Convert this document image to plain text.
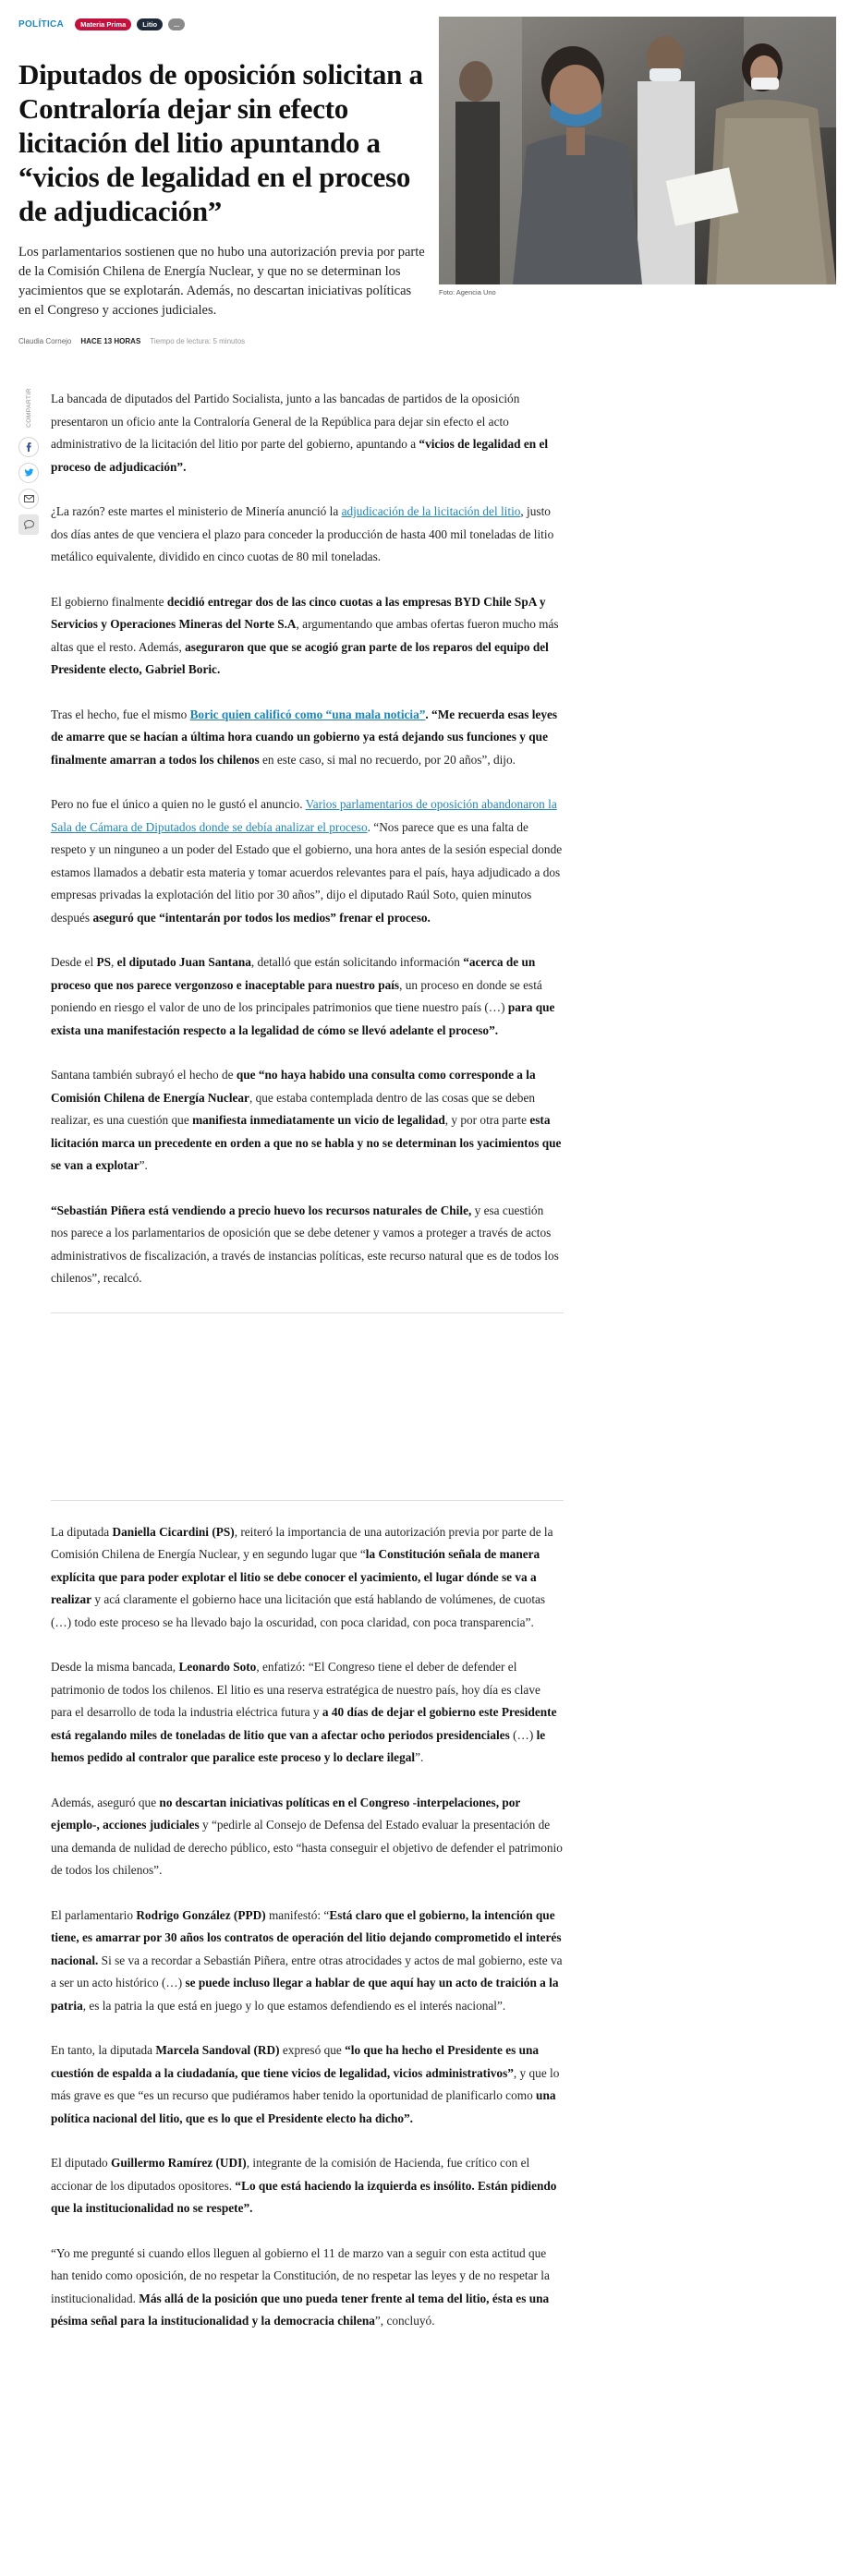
POLÍTICA	Materia Prima	Litio	...
Diputados de oposición solicitan a Contraloría dejar sin efecto licitación del litio apuntando a “vicios de legalidad en el proceso de adjudicación”

Los parlamentarios sostienen que no hubo una autorización previa por parte de la Comisión Chilena de Energía Nuclear, y que no se determinan los yacimientos que se explotarán. Además, no descartan iniciativas políticas en el Congreso y acciones judiciales.

Claudia Cornejo HACE 13 HORAS Tiempo de lectura: 5 minutos
Foto: Agencia Uno
COMPARTIR La bancada de diputados del Partido Socialista, junto a las bancadas de partidos de la oposición presentaron un oficio ante la Contraloría General de la República para dejar sin efecto el acto administrativo de la licitación del litio por parte del gobierno, apuntando a “vicios de legalidad en el proceso de adjudicación”.

¿La razón? este martes el ministerio de Minería anunció la adjudicación de la licitación del litio, justo dos días antes de que venciera el plazo para conceder la producción de hasta 400 mil toneladas de litio metálico equivalente, dividido en cinco cuotas de 80 mil toneladas.

El gobierno finalmente decidió entregar dos de las cinco cuotas a las empresas BYD Chile SpA y Servicios y Operaciones Mineras del Norte S.A, argumentando que ambas ofertas fueron mucho más altas que el resto. Además, aseguraron que que se acogió gran parte de los reparos del equipo del Presidente electo, Gabriel Boric.

Tras el hecho, fue el mismo Boric quien calificó como “una mala noticia”. “Me recuerda esas leyes de amarre que se hacían a última hora cuando un gobierno ya está dejando sus funciones y que finalmente amarran a todos los chilenos en este caso, si mal no recuerdo, por 20 años”, dijo.

Pero no fue el único a quien no le gustó el anuncio. Varios parlamentarios de oposición abandonaron la Sala de Cámara de Diputados donde se debía analizar el proceso. “Nos parece que es una falta de respeto y un ninguneo a un poder del Estado que el gobierno, una hora antes de la sesión especial donde estamos llamados a debatir esta materia y tomar acuerdos relevantes para el país, haya adjudicado a dos empresas privadas la explotación del litio por 30 años”, dijo el diputado Raúl Soto, quien minutos después aseguró que “intentarán por todos los medios” frenar el proceso.

Desde el PS, el diputado Juan Santana, detalló que están solicitando información “acerca de un proceso que nos parece vergonzoso e inaceptable para nuestro país, un proceso en donde se está poniendo en riesgo el valor de uno de los principales patrimonios que tiene nuestro país (…) para que exista una manifestación respecto a la legalidad de cómo se llevó adelante el proceso”.

Santana también subrayó el hecho de que “no haya habido una consulta como corresponde a la Comisión Chilena de Energía Nuclear, que estaba contemplada dentro de las cosas que se deben realizar, es una cuestión que manifiesta inmediatamente un vicio de legalidad, y por otra parte esta licitación marca un precedente en orden a que no se habla y no se determinan los yacimientos que se van a explotar”.

“Sebastián Piñera está vendiendo a precio huevo los recursos naturales de Chile, y esa cuestión nos parece a los parlamentarios de oposición que se debe detener y vamos a proteger a través de actos administrativos de fiscalización, a través de instancias políticas, este recurso natural que es de todos los chilenos”, recalcó.

La diputada Daniella Cicardini (PS), reiteró la importancia de una autorización previa por parte de la Comisión Chilena de Energía Nuclear, y en segundo lugar que “la Constitución señala de manera explícita que para poder explotar el litio se debe conocer el yacimiento, el lugar dónde se va a realizar y acá claramente el gobierno hace una licitación que está hablando de volúmenes, de cuotas (…) todo este proceso se ha llevado bajo la oscuridad, con poca claridad, con poca transparencia”.

Desde la misma bancada, Leonardo Soto, enfatizó: “El Congreso tiene el deber de defender el patrimonio de todos los chilenos. El litio es una reserva estratégica de nuestro país, hoy día es clave para el desarrollo de toda la industria eléctrica futura y a 40 días de dejar el gobierno este Presidente está regalando miles de toneladas de litio que van a afectar ocho periodos presidenciales (…) le hemos pedido al contralor que paralice este proceso y lo declare ilegal”.

Además, aseguró que no descartan iniciativas políticas en el Congreso -interpelaciones, por ejemplo-, acciones judiciales y “pedirle al Consejo de Defensa del Estado evaluar la presentación de una demanda de nulidad de derecho público, esto “hasta conseguir el objetivo de defender el patrimonio de todos los chilenos”.

El parlamentario Rodrigo González (PPD) manifestó: “Está claro que el gobierno, la intención que tiene, es amarrar por 30 años los contratos de operación del litio dejando comprometido el interés nacional. Si se va a recordar a Sebastián Piñera, entre otras atrocidades y actos de mal gobierno, este va a ser un acto histórico (…) se puede incluso llegar a hablar de que aquí hay un acto de traición a la patria, es la patria la que está en juego y lo que estamos defendiendo es el interés nacional”.

En tanto, la diputada Marcela Sandoval (RD) expresó que “lo que ha hecho el Presidente es una cuestión de espalda a la ciudadanía, que tiene vicios de legalidad, vicios administrativos”, y que lo más grave es que “es un recurso que pudiéramos haber tenido la oportunidad de planificarlo como una política nacional del litio, que es lo que el Presidente electo ha dicho”.

El diputado Guillermo Ramírez (UDI), integrante de la comisión de Hacienda, fue crítico con el accionar de los diputados opositores. “Lo que está haciendo la izquierda es insólito. Están pidiendo que la institucionalidad no se respete”.

“Yo me pregunté si cuando ellos lleguen al gobierno el 11 de marzo van a seguir con esta actitud que han tenido como oposición, de no respetar la Constitución, de no respetar las leyes y de no respetar la institucionalidad. Más allá de la posición que uno pueda tener frente al tema del litio, ésta es una pésima señal para la institucionalidad y la democracia chilena”, concluyó.
